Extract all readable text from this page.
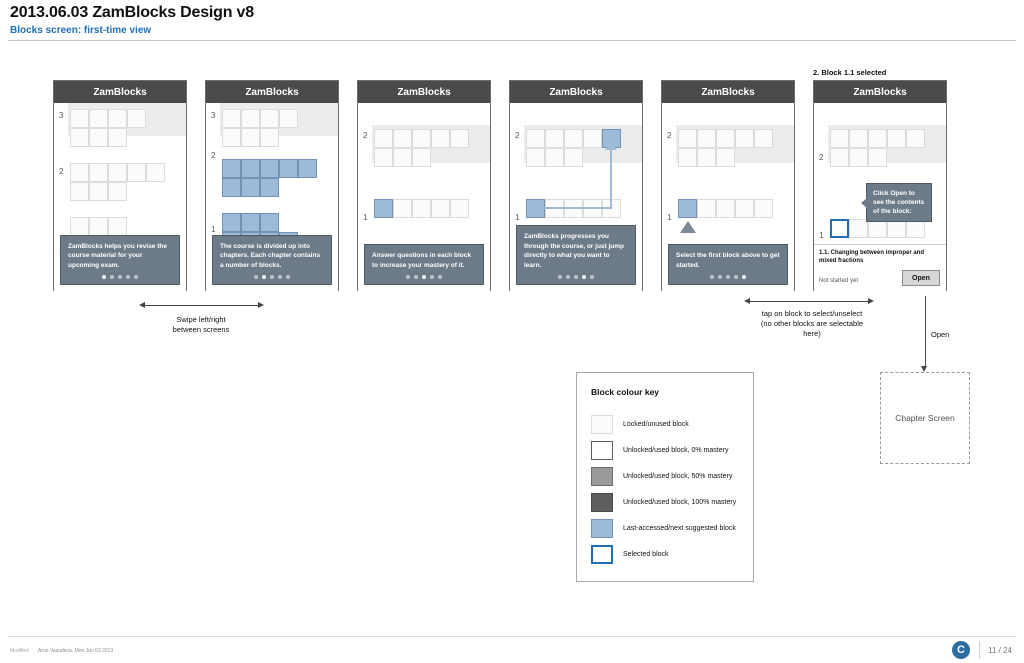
2013.06.03 ZamBlocks Design v8
Blocks screen: first-time view
ZamBlocks
3
2
ZamBlocks helps you revise the course material for your upcoming exam.
ZamBlocks
3
2
1
The course is divided up into chapters. Each chapter contains a number of blocks.
ZamBlocks
2
1
Answer questions in each block to increase your mastery of it.
ZamBlocks
2
1
ZamBlocks progresses you through the course, or just jump directly to what you want to learn.
ZamBlocks
2
1
Select the first block above to get started.
2. Block 1.1 selected
ZamBlocks
2
1
Click Open to see the contents of the block:
1.1. Changing between improper and mixed fractions
Not started yet	Open
Swipe left/right
between screens
tap on block to select/unselect
(no other blocks are selectable
here)	Open
Block colour key
Locked/unused block
Unlocked/used block, 0% mastery
Unlocked/used block, 50% mastery
Unlocked/used block, 100% mastery
Last-accessed/next suggested block
Selected block
Chapter Screen
Modified Arun Vasudeva, Mon Jun 03 2013	C	11 / 24
